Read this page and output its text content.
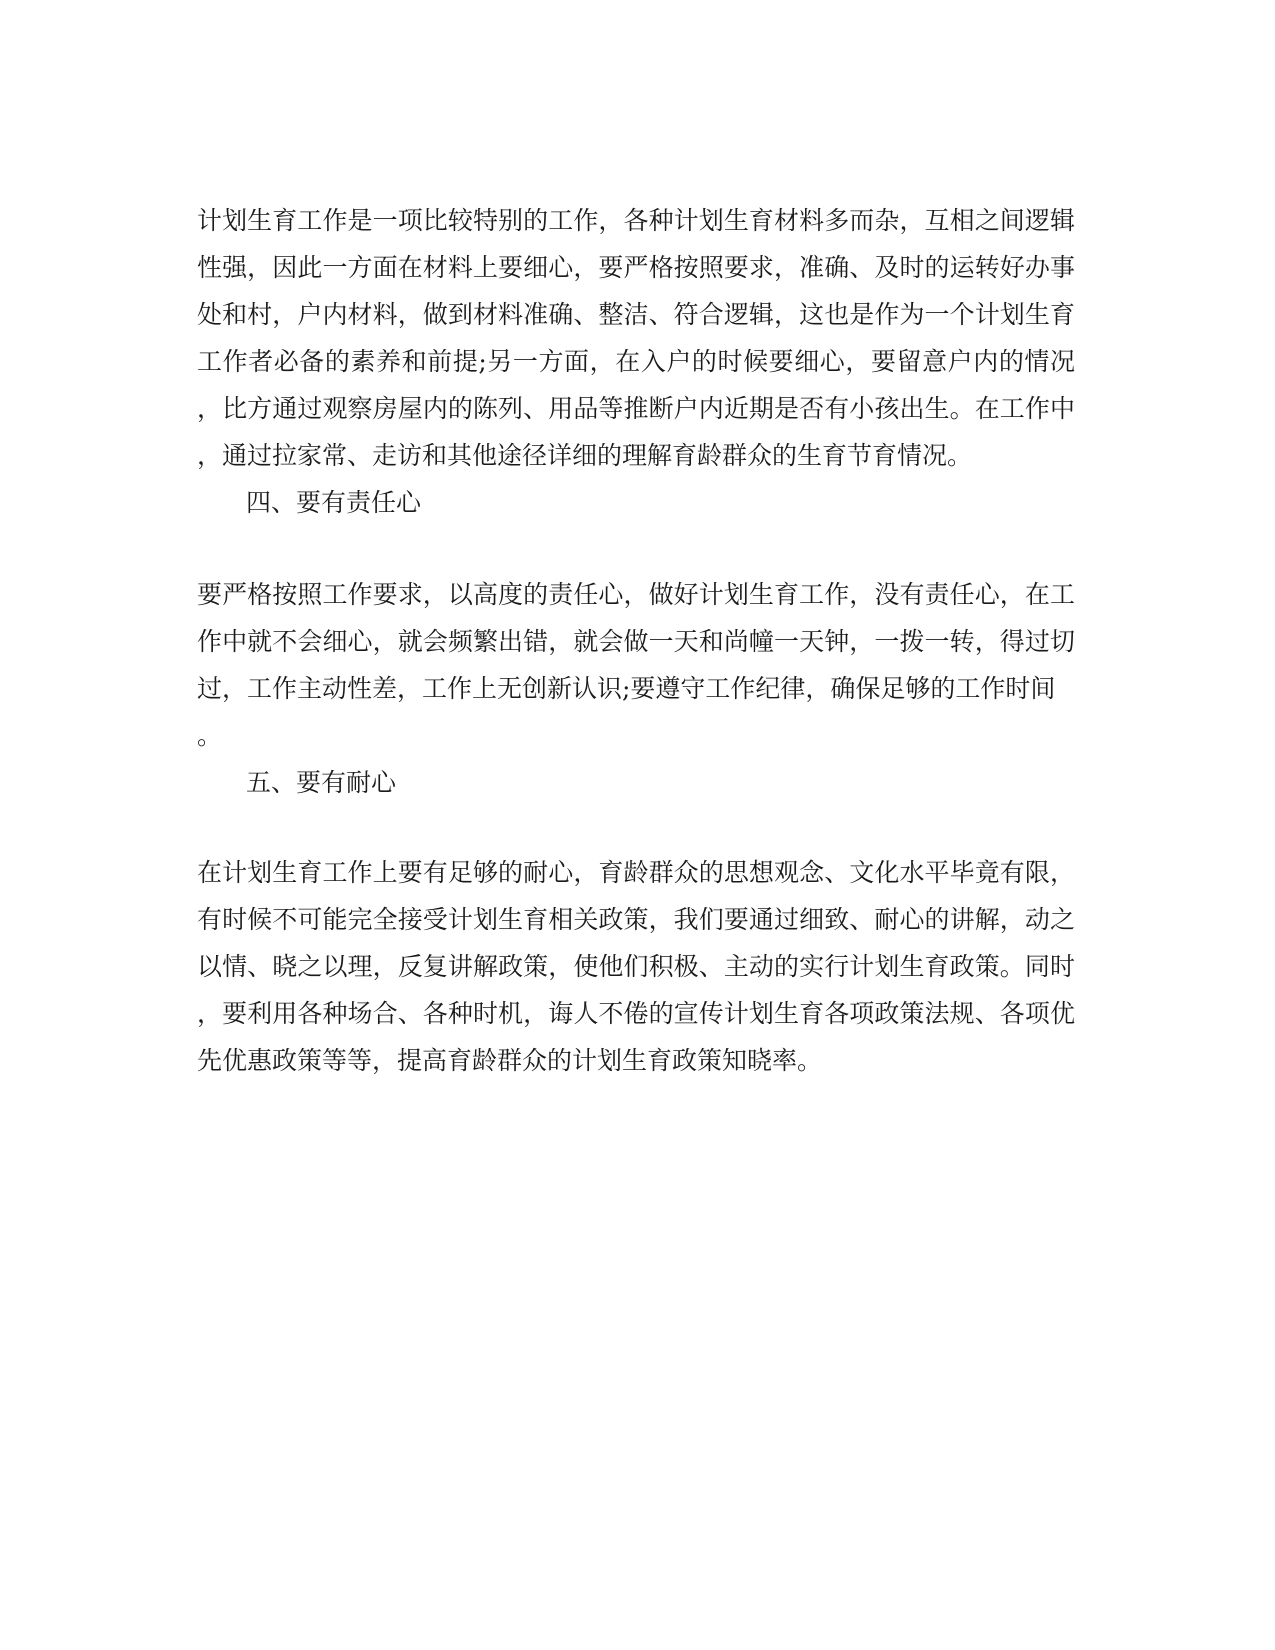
计划生育工作是一项比较特别的工作，各种计划生育材料多而杂，互相之间逻辑

性强，因此一方面在材料上要细心，要严格按照要求，准确、及时的运转好办事

处和村，户内材料，做到材料准确、整洁、符合逻辑，这也是作为一个计划生育

工作者必备的素养和前提;另一方面，在入户的时候要细心，要留意户内的情况

，比方通过观察房屋内的陈列、用品等推断户内近期是否有小孩出生。在工作中

，通过拉家常、走访和其他途径详细的理解育龄群众的生育节育情况。

四、要有责任心

要严格按照工作要求，以高度的责任心，做好计划生育工作，没有责任心，在工

作中就不会细心，就会频繁出错，就会做一天和尚幢一天钟，一拨一转，得过切

过，工作主动性差，工作上无创新认识;要遵守工作纪律，确保足够的工作时间

。

五、要有耐心

在计划生育工作上要有足够的耐心，育龄群众的思想观念、文化水平毕竟有限，

有时候不可能完全接受计划生育相关政策，我们要通过细致、耐心的讲解，动之

以情、晓之以理，反复讲解政策，使他们积极、主动的实行计划生育政策。同时

，要利用各种场合、各种时机，诲人不倦的宣传计划生育各项政策法规、各项优

先优惠政策等等，提高育龄群众的计划生育政策知晓率。
